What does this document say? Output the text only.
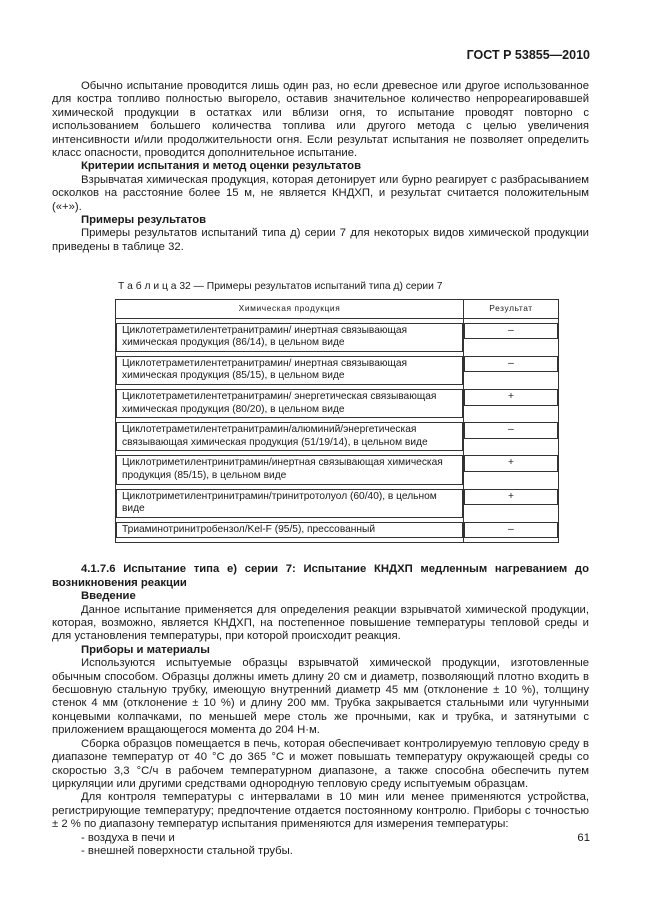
ГОСТ Р 53855—2010

Обычно испытание проводится лишь один раз, но если древесное или другое использованное для костра топливо полностью выгорело, оставив значительное количество непрореагировавшей химической продукции в остатках или вблизи огня, то испытание проводят повторно с использованием большего количества топлива или другого метода с целью увеличения интенсивности и/или продолжительности огня. Если результат испытания не позволяет определить класс опасности, проводится дополнительное испытание.

Критерии испытания и метод оценки результатов

Взрывчатая химическая продукция, которая детонирует или бурно реагирует с разбрасыванием осколков на расстояние более 15 м, не является КНДХП, и результат считается положительным («+»).

Примеры результатов

Примеры результатов испытаний типа д) серии 7 для некоторых видов химической продукции приведены в таблице 32.

Т а б л и ц а 32 — Примеры результатов испытаний типа д) серии 7

Химическая продукция	Результат

Циклотетраметилентетранитрамин/ инертная связывающая химическая продукция (86/14), в цельном виде	–

Циклотетраметилентетранитрамин/ инертная связывающая химическая продукция (85/15), в цельном виде	–

Циклотетраметилентетранитрамин/ энергетическая связывающая химическая продукция (80/20), в цельном виде	+

Циклотетраметилентетранитрамин/алюминий/энергетическая связывающая химическая продукция (51/19/14), в цельном виде	–

Циклотриметилентринитрамин/инертная связывающая химическая продукция (85/15), в цельном виде	+

Циклотриметилентринитрамин/тринитротолуол (60/40), в цельном виде	+

Триаминотринитробензол/Kel-F (95/5), прессованный	–

4.1.7.6 Испытание типа е) серии 7: Испытание КНДХП медленным нагреванием до возникновения реакции

Введение

Данное испытание применяется для определения реакции взрывчатой химической продукции, которая, возможно, является КНДХП, на постепенное повышение температуры тепловой среды и для установления температуры, при которой происходит реакция.

Приборы и материалы

Используются испытуемые образцы взрывчатой химической продукции, изготовленные обычным способом. Образцы должны иметь длину 20 см и диаметр, позволяющий плотно входить в бесшовную стальную трубку, имеющую внутренний диаметр 45 мм (отклонение ± 10 %), толщину стенок 4 мм (отклонение ± 10 %) и длину 200 мм. Трубка закрывается стальными или чугунными концевыми колпачками, по меньшей мере столь же прочными, как и трубка, и затянутыми с приложением вращающегося момента до 204 Н·м.

Сборка образцов помещается в печь, которая обеспечивает контролируемую тепловую среду в диапазоне температур от 40 °С до 365 °С и может повышать температуру окружающей среды со скоростью 3,3 °С/ч в рабочем температурном диапазоне, а также способна обеспечить путем циркуляции или другими средствами однородную тепловую среду испытуемым образцам.

Для контроля температуры с интервалами в 10 мин или менее применяются устройства, регистрирующие температуру; предпочтение отдается постоянному контролю. Приборы с точностью ± 2 % по диапазону температур испытания применяются для измерения температуры:

- воздуха в печи и

- внешней поверхности стальной трубы.

61
